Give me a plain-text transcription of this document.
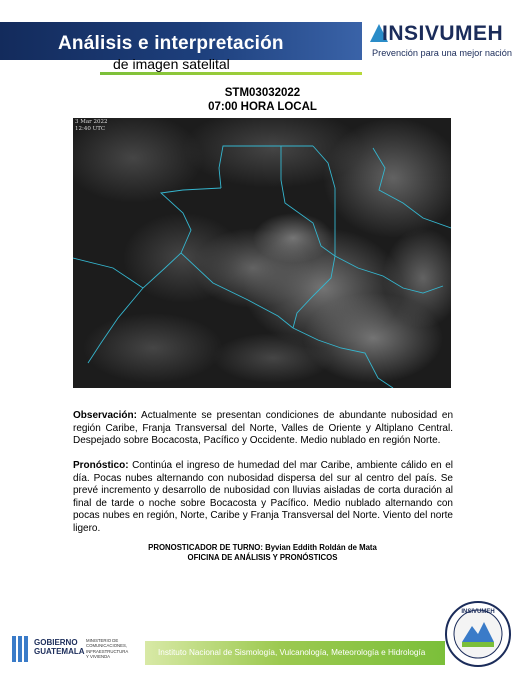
Análisis e interpretación
de imagen satelital
INSIVUMEH
Prevención para una mejor nación
STM03032022
07:00 HORA LOCAL
3 Mar 2022
12:40 UTC
Observación: Actualmente se presentan condiciones de abundante nubosidad en región Caribe, Franja Transversal del Norte, Valles de Oriente y Altiplano Central. Despejado sobre Bocacosta, Pacífico y Occidente. Medio nublado en región Norte.
Pronóstico: Continúa el ingreso de humedad del mar Caribe, ambiente cálido en el día. Pocas nubes alternando con nubosidad dispersa del sur al centro del país. Se prevé incremento y desarrollo de nubosidad con lluvias aisladas de corta duración al final de tarde o noche sobre Bocacosta y Pacífico. Medio nublado alternando con pocas nubes en región, Norte, Caribe y Franja Transversal del Norte. Viento del norte ligero.
PRONOSTICADOR DE TURNO: Byvian Eddith Roldán de Mata
OFICINA DE ANÁLISIS Y PRONÓSTICOS
GOBIERNO
GUATEMALA
MINISTERIO DE
COMUNICACIONES,
INFRAESTRUCTURA
Y VIVIENDA	Instituto Nacional de Sismología, Vulcanología, Meteorología e Hidrología
INSIVUMEH
